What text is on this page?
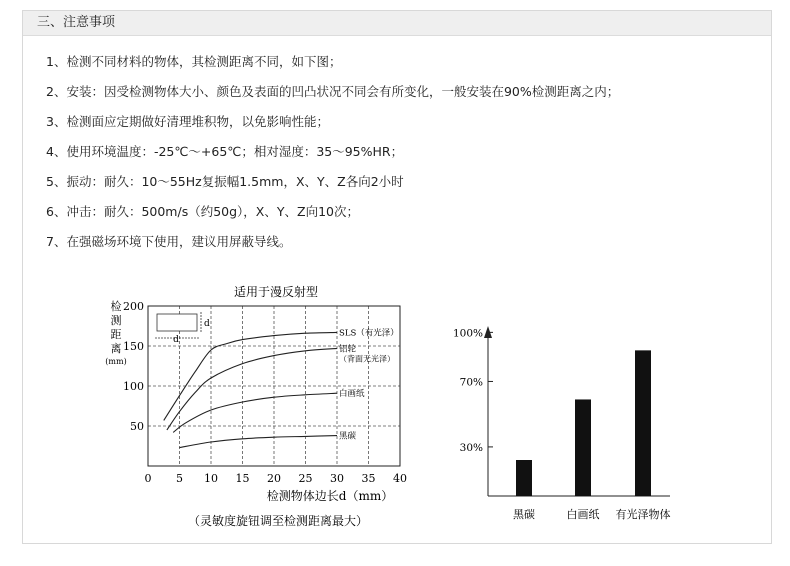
三、注意事项
1、检测不同材料的物体，其检测距离不同，如下图；
2、安装：因受检测物体大小、颜色及表面的凹凸状况不同会有所变化，一般安装在90%检测距离之内；
3、检测面应定期做好清理堆积物，以免影响性能；
4、使用环境温度：-25℃～+65℃；相对湿度：35～95%HR；
5、振动：耐久：10～55Hz复振幅1.5mm，X、Y、Z各向2小时
6、冲击：耐久：500m/s（约50g），X、Y、Z向10次；
7、在强磁场环境下使用，建议用屏蔽导线。
适用于漫反射型
0 5 10 15 20 25 30 35 40
50
100
150
200
SLS（有光泽）
铝轮
（背面无光泽）
白画纸
黑碳
检
测
距
离
(mm)
检测物体边长d（mm）
（灵敏度旋钮调至检测距离最大）
d
d
30%
70%
100%
黑碳	白画纸 有光泽物体
